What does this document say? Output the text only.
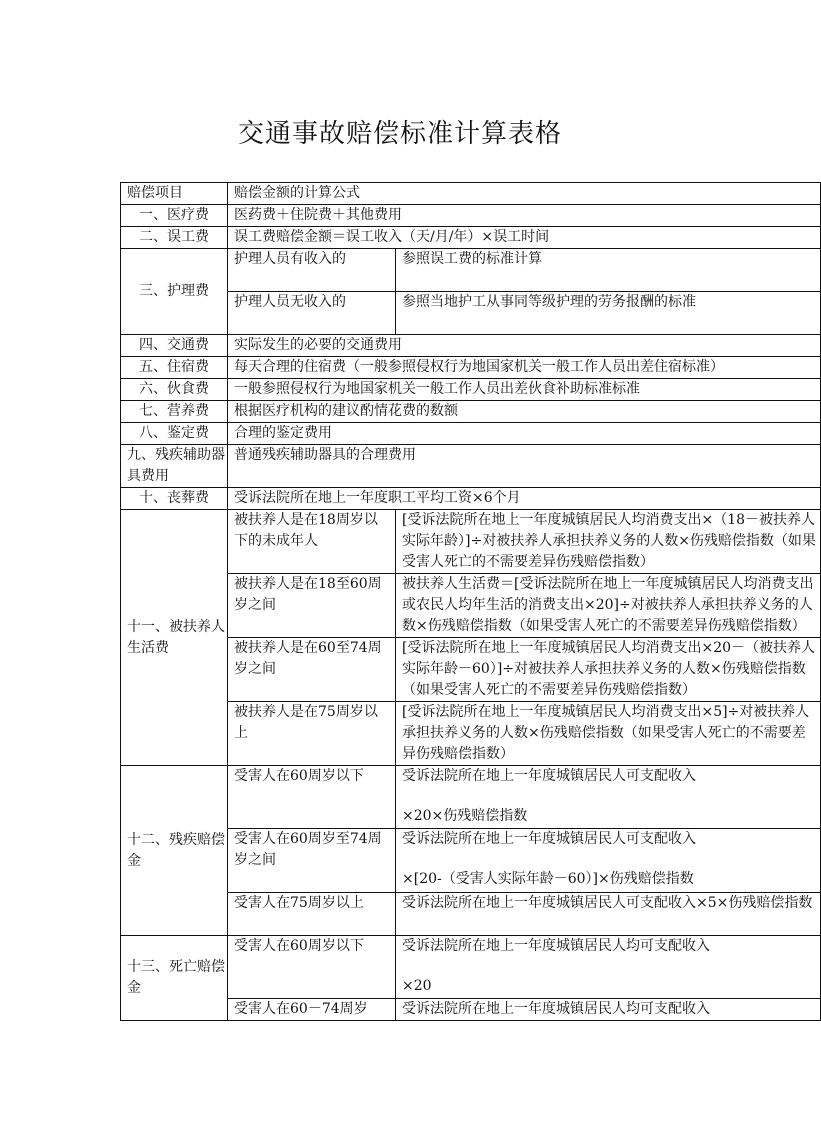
交通事故赔偿标准计算表格
赔偿项目	赔偿金额的计算公式	
一、医疗费	医药费＋住院费＋其他费用	
二、误工费	误工费赔偿金额＝误工收入（天/月/年）×误工时间	
三、护理费	护理人员有收入的	参照误工费的标准计算
	护理人员无收入的	参照当地护工从事同等级护理的劳务报酬的标准
四、交通费	实际发生的必要的交通费用	
五、住宿费	每天合理的住宿费（一般参照侵权行为地国家机关一般工作人员出差住宿标准）	
六、伙食费	一般参照侵权行为地国家机关一般工作人员出差伙食补助标准标准	
七、营养费	根据医疗机构的建议酌情花费的数额	
八、鉴定费	合理的鉴定费用	
九、残疾辅助器具费用	普通残疾辅助器具的合理费用	
十、丧葬费	受诉法院所在地上一年度职工平均工资×6个月	
十一、被扶养人生活费	被扶养人是在18周岁以下的未成年人	[受诉法院所在地上一年度城镇居民人均消费支出×（18－被扶养人实际年龄）]÷对被扶养人承担扶养义务的人数×伤残赔偿指数（如果受害人死亡的不需要差异伤残赔偿指数）
	被扶养人是在18至60周岁之间	被扶养人生活费＝[受诉法院所在地上一年度城镇居民人均消费支出或农民人均年生活的消费支出×20]÷对被扶养人承担扶养义务的人数×伤残赔偿指数（如果受害人死亡的不需要差异伤残赔偿指数）
	被扶养人是在60至74周岁之间	[受诉法院所在地上一年度城镇居民人均消费支出×20－（被扶养人实际年龄－60）]÷对被扶养人承担扶养义务的人数×伤残赔偿指数（如果受害人死亡的不需要差异伤残赔偿指数）
	被扶养人是在75周岁以上	[受诉法院所在地上一年度城镇居民人均消费支出×5]÷对被扶养人承担扶养义务的人数×伤残赔偿指数（如果受害人死亡的不需要差异伤残赔偿指数）
十二、残疾赔偿金	受害人在60周岁以下	受诉法院所在地上一年度城镇居民人可支配收入
×20×伤残赔偿指数
	受害人在60周岁至74周岁之间	受诉法院所在地上一年度城镇居民人可支配收入
×[20-（受害人实际年龄－60）]×伤残赔偿指数
	受害人在75周岁以上	受诉法院所在地上一年度城镇居民人可支配收入×5×伤残赔偿指数
十三、死亡赔偿金	受害人在60周岁以下	受诉法院所在地上一年度城镇居民人均可支配收入
×20
	受害人在60－74周岁	受诉法院所在地上一年度城镇居民人均可支配收入
